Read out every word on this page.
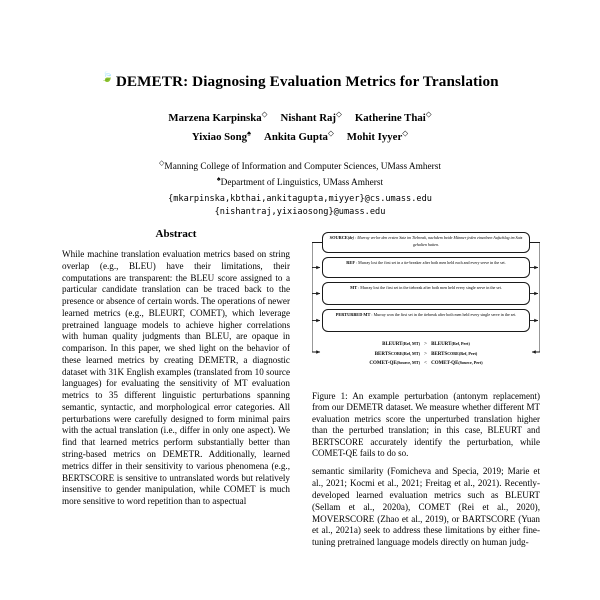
🍃 DEMETR: Diagnosing Evaluation Metrics for Translation
Marzena Karpinska◇ Nishant Raj◇ Katherine Thai◇
Yixiao Song♠ Ankita Gupta◇ Mohit Iyyer◇
◇Manning College of Information and Computer Sciences, UMass Amherst
♠Department of Linguistics, UMass Amherst
{mkarpinska,kbthai,ankitagupta,miyyer}@cs.umass.edu
{nishantraj,yixiaosong}@umass.edu
Abstract

While machine translation evaluation metrics based on string overlap (e.g., BLEU) have their limitations, their computations are transparent: the BLEU score assigned to a particular candidate translation can be traced back to the presence or absence of certain words. The operations of newer learned metrics (e.g., BLEURT, COMET), which leverage pretrained language models to achieve higher correlations with human quality judgments than BLEU, are opaque in comparison. In this paper, we shed light on the behavior of these learned metrics by creating DEMETR, a diagnostic dataset with 31K English examples (translated from 10 source languages) for evaluating the sensitivity of MT evaluation metrics to 35 different linguistic perturbations spanning semantic, syntactic, and morphological error categories. All perturbations were carefully designed to form minimal pairs with the actual translation (i.e., differ in only one aspect). We find that learned metrics perform substantially better than string-based metrics on DEMETR. Additionally, learned metrics differ in their sensitivity to various phenomena (e.g., BERTSCORE is sensitive to untranslated words but relatively insensitive to gender manipulation, while COMET is much more sensitive to word repetition than to aspectual

SOURCE(de) : Murray verlor den ersten Satz im Tiebreak, nachdem beide Männer jeden einzelnen Aufschlag im Satz gehalten hatten.
REF : Murray lost the first set in a tie-breaker after both men held each and every serve in the set.
MT : Murray lost the first set in the tiebreak after both men held every single serve in the set.
PERTURBED MT : Murray won the first set in the tiebreak after both men held every single serve in the set.
BLEURT(Ref, MT) > BLEURT(Ref, Pert)
BERTScore(Ref, MT) > BERTScore(Ref, Pert)
COMET-QE(Source, MT) < COMET-QE(Source, Pert)
Figure 1: An example perturbation (antonym replacement) from our DEMETR dataset. We measure whether different MT evaluation metrics score the unperturbed translation higher than the perturbed translation; in this case, BLEURT and BERTSCORE accurately identify the perturbation, while COMET-QE fails to do so.

semantic similarity (Fomicheva and Specia, 2019; Marie et al., 2021; Kocmi et al., 2021; Freitag et al., 2021). Recently-developed learned evaluation metrics such as BLEURT (Sellam et al., 2020a), COMET (Rei et al., 2020), MOVERSCORE (Zhao et al., 2019), or BARTSCORE (Yuan et al., 2021a) seek to address these limitations by either fine-tuning pretrained language models directly on human judg-
